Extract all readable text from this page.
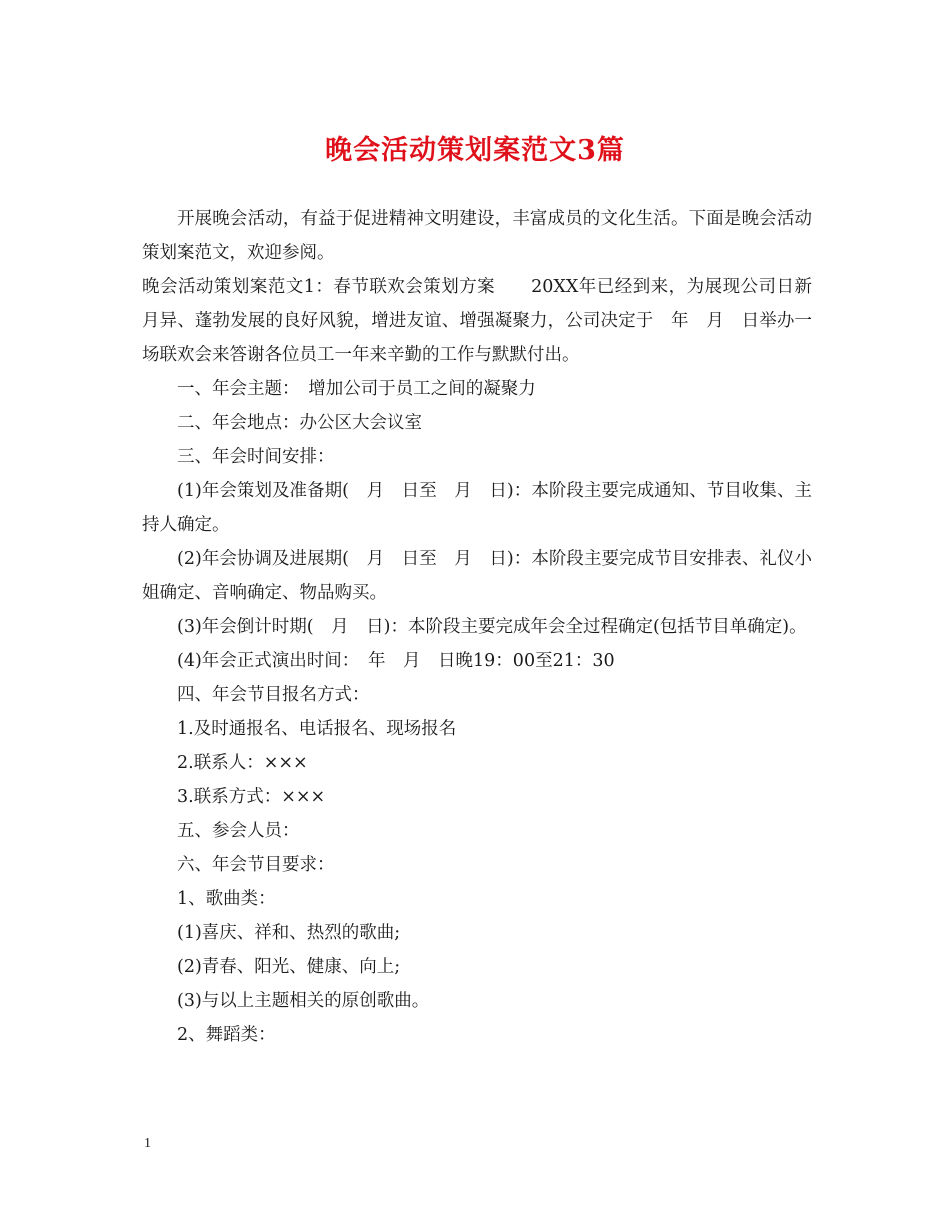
晚会活动策划案范文3篇
开展晚会活动，有益于促进精神文明建设，丰富成员的文化生活。下面是晚会活动策划案范文，欢迎参阅。
晚会活动策划案范文1：春节联欢会策划方案　　20XX年已经到来，为展现公司日新月异、蓬勃发展的良好风貌，增进友谊、增强凝聚力，公司决定于　年　月　日举办一场联欢会来答谢各位员工一年来辛勤的工作与默默付出。
一、年会主题：　增加公司于员工之间的凝聚力
二、年会地点：办公区大会议室
三、年会时间安排：
(1)年会策划及准备期(　月　日至　月　日)：本阶段主要完成通知、节目收集、主持人确定。
(2)年会协调及进展期(　月　日至　月　日)：本阶段主要完成节目安排表、礼仪小姐确定、音响确定、物品购买。
(3)年会倒计时期(　月　日)：本阶段主要完成年会全过程确定(包括节目单确定)。
(4)年会正式演出时间：　年　月　日晚19：00至21：30
四、年会节目报名方式：
1.及时通报名、电话报名、现场报名
2.联系人：×××
3.联系方式：×××
五、参会人员：
六、年会节目要求：
1、歌曲类：
(1)喜庆、祥和、热烈的歌曲;
(2)青春、阳光、健康、向上;
(3)与以上主题相关的原创歌曲。
2、舞蹈类：
1
